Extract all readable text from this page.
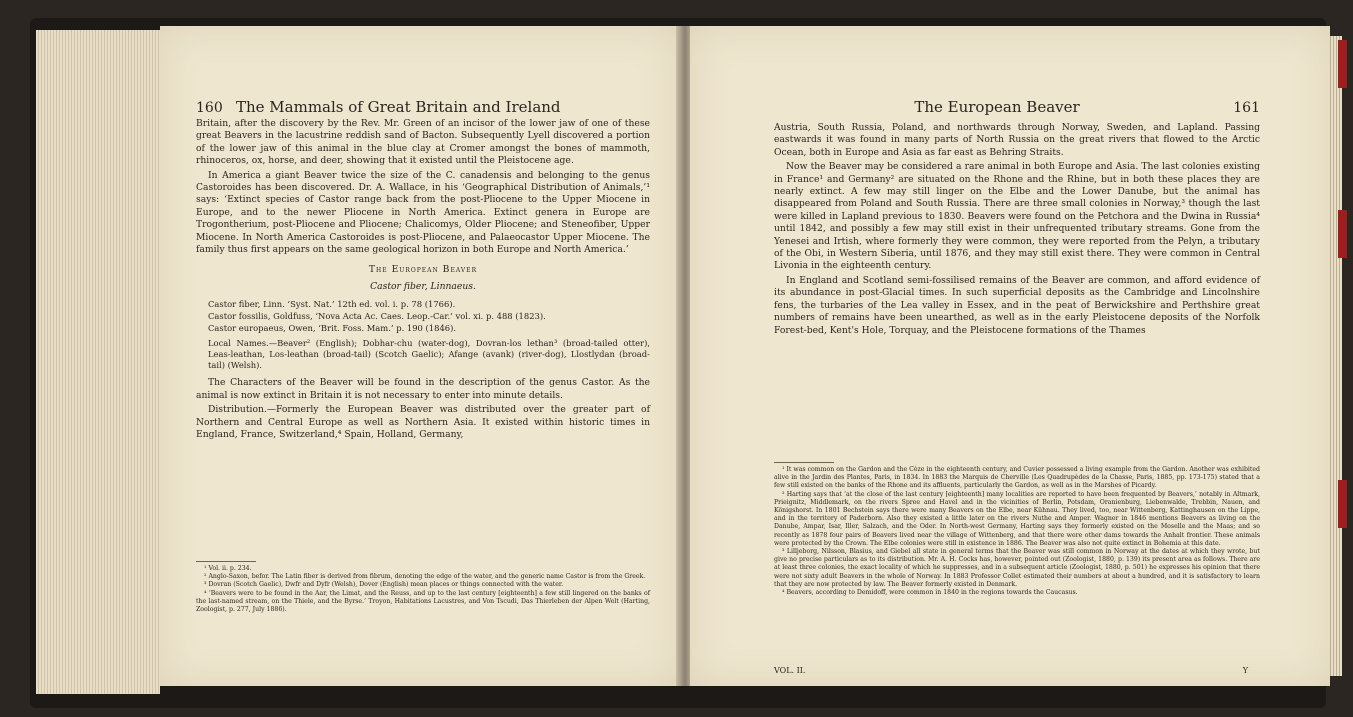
160 The Mammals of Great Britain and Ireland

Britain, after the discovery by the Rev. Mr. Green of an incisor of the lower jaw of one of these great Beavers in the lacustrine reddish sand of Bacton. Subsequently Lyell discovered a portion of the lower jaw of this animal in the blue clay at Cromer amongst the bones of mammoth, rhinoceros, ox, horse, and deer, showing that it existed until the Pleistocene age.

In America a giant Beaver twice the size of the C. canadensis and belonging to the genus Castoroides has been discovered. Dr. A. Wallace, in his ‘Geographical Distribution of Animals,’¹ says: ‘Extinct species of Castor range back from the post-Pliocene to the Upper Miocene in Europe, and to the newer Pliocene in North America. Extinct genera in Europe are Trogontherium, post-Pliocene and Pliocene; Chalicomys, Older Pliocene; and Steneofiber, Upper Miocene. In North America Castoroides is post-Pliocene, and Palaeocastor Upper Miocene. The family thus first appears on the same geological horizon in both Europe and North America.’

The European Beaver
Castor fiber, Linnaeus.

Castor fiber, Linn. ‘Syst. Nat.’ 12th ed. vol. i. p. 78 (1766).

Castor fossilis, Goldfuss, ‘Nova Acta Ac. Caes. Leop.-Car.’ vol. xi. p. 488 (1823).

Castor europaeus, Owen, ‘Brit. Foss. Mam.’ p. 190 (1846).

Local Names.—Beaver² (English); Dobhar-chu (water-dog), Dovran-los lethan³ (broad-tailed otter), Leas-leathan, Los-leathan (broad-tail) (Scotch Gaelic); Afange (avank) (river-dog), Llostlydan (broad-tail) (Welsh).

The Characters of the Beaver will be found in the description of the genus Castor. As the animal is now extinct in Britain it is not necessary to enter into minute details.

Distribution.—Formerly the European Beaver was distributed over the greater part of Northern and Central Europe as well as Northern Asia. It existed within historic times in England, France, Switzerland,⁴ Spain, Holland, Germany,

¹ Vol. ii. p. 234.

² Anglo-Saxon, befor. The Latin fiber is derived from fibrum, denoting the edge of the water, and the generic name Castor is from the Greek.

³ Dovran (Scotch Gaelic), Dwfr and Dyfr (Welsh), Dover (English) mean places or things connected with the water.

⁴ ‘Beavers were to be found in the Aar, the Limat, and the Reuss, and up to the last century [eighteenth] a few still lingered on the banks of the last-named stream, on the Thiele, and the Byrse.’ Troyon, Habitations Lacustres, and Von Tscudi, Das Thierleben der Alpen Welt (Harting, Zoologist, p. 277, July 1886).

The European Beaver	161

Austria, South Russia, Poland, and northwards through Norway, Sweden, and Lapland. Passing eastwards it was found in many parts of North Russia on the great rivers that flowed to the Arctic Ocean, both in Europe and Asia as far east as Behring Straits.

Now the Beaver may be considered a rare animal in both Europe and Asia. The last colonies existing in France¹ and Germany² are situated on the Rhone and the Rhine, but in both these places they are nearly extinct. A few may still linger on the Elbe and the Lower Danube, but the animal has disappeared from Poland and South Russia. There are three small colonies in Norway,³ though the last were killed in Lapland previous to 1830. Beavers were found on the Petchora and the Dwina in Russia⁴ until 1842, and possibly a few may still exist in their unfrequented tributary streams. Gone from the Yenesei and Irtish, where formerly they were common, they were reported from the Pelyn, a tributary of the Obi, in Western Siberia, until 1876, and they may still exist there. They were common in Central Livonia in the eighteenth century.

In England and Scotland semi-fossilised remains of the Beaver are common, and afford evidence of its abundance in post-Glacial times. In such superficial deposits as the Cambridge and Lincolnshire fens, the turbaries of the Lea valley in Essex, and in the peat of Berwickshire and Perthshire great numbers of remains have been unearthed, as well as in the early Pleistocene deposits of the Norfolk Forest-bed, Kent's Hole, Torquay, and the Pleistocene formations of the Thames

¹ It was common on the Gardon and the Cèze in the eighteenth century, and Cuvier possessed a living example from the Gardon. Another was exhibited alive in the Jardin des Plantes, Paris, in 1834. In 1883 the Marquis de Cherville (Les Quadrupèdes de la Chasse, Paris, 1885, pp. 173-175) stated that a few still existed on the banks of the Rhone and its affluents, particularly the Gardon, as well as in the Marshes of Picardy.

² Harting says that ‘at the close of the last century [eighteenth] many localities are reported to have been frequented by Beavers,’ notably in Altmark, Prieignitz, Middlemark, on the rivers Spree and Havel and in the vicinities of Berlin, Potsdam, Oranienburg, Liebenwalde, Trebbin, Nauen, and Königshorst. In 1801 Bechstein says there were many Beavers on the Elbe, near Kühnau. They lived, too, near Wittenberg, Kattinghausen on the Lippe, and in the territory of Paderborn. Also they existed a little later on the rivers Nuthe and Amper. Wagner in 1846 mentions Beavers as living on the Danube, Ampar, Isar, Iller, Salzach, and the Oder. In North-west Germany, Harting says they formerly existed on the Moselle and the Maas; and so recently as 1878 four pairs of Beavers lived near the village of Wittenberg, and that there were other dams towards the Anhalt frontier. These animals were protected by the Crown. The Elbe colonies were still in existence in 1886. The Beaver was also not quite extinct in Bohemia at this date.

³ Lilljeborg, Nilsson, Blasius, and Giebel all state in general terms that the Beaver was still common in Norway at the dates at which they wrote, but give no precise particulars as to its distribution. Mr. A. H. Cocks has, however, pointed out (Zoologist, 1880, p. 139) its present area as follows. There are at least three colonies, the exact locality of which he suppresses, and in a subsequent article (Zoologist, 1880, p. 501) he expresses his opinion that there were not sixty adult Beavers in the whole of Norway. In 1883 Professor Collet estimated their numbers at about a hundred, and it is satisfactory to learn that they are now protected by law. The Beaver formerly existed in Denmark.

⁴ Beavers, according to Demidoff, were common in 1840 in the regions towards the Caucasus.

VOL. II.	Y
